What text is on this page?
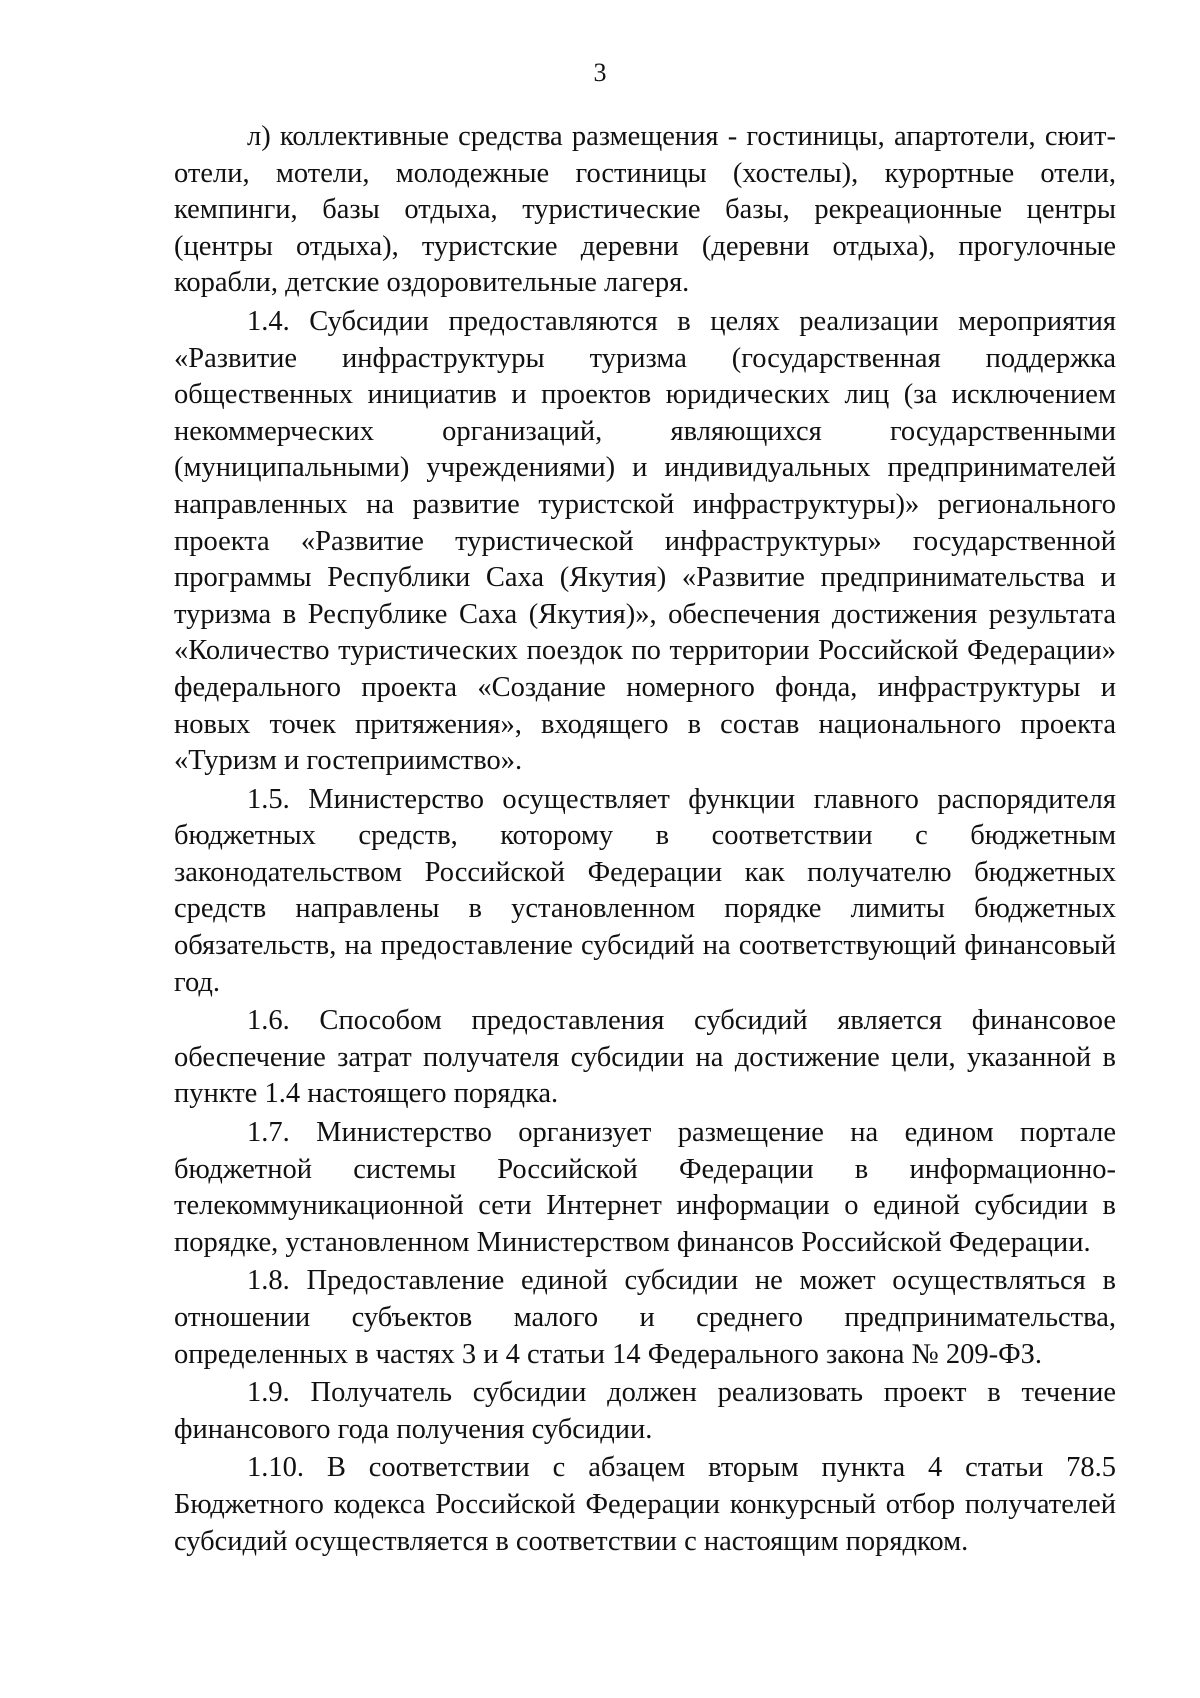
3

л) коллективные средства размещения - гостиницы, апартотели, сюит-отели, мотели, молодежные гостиницы (хостелы), курортные отели, кемпинги, базы отдыха, туристические базы, рекреационные центры (центры отдыха), туристские деревни (деревни отдыха), прогулочные корабли, детские оздоровительные лагеря.

1.4. Субсидии предоставляются в целях реализации мероприятия «Развитие инфраструктуры туризма (государственная поддержка общественных инициатив и проектов юридических лиц (за исключением некоммерческих организаций, являющихся государственными (муниципальными) учреждениями) и индивидуальных предпринимателей направленных на развитие туристской инфраструктуры)» регионального проекта «Развитие туристической инфраструктуры» государственной программы Республики Саха (Якутия) «Развитие предпринимательства и туризма в Республике Саха (Якутия)», обеспечения достижения результата «Количество туристических поездок по территории Российской Федерации» федерального проекта «Создание номерного фонда, инфраструктуры и новых точек притяжения», входящего в состав национального проекта «Туризм и гостеприимство».

1.5. Министерство осуществляет функции главного распорядителя бюджетных средств, которому в соответствии с бюджетным законодательством Российской Федерации как получателю бюджетных средств направлены в установленном порядке лимиты бюджетных обязательств, на предоставление субсидий на соответствующий финансовый год.

1.6. Способом предоставления субсидий является финансовое обеспечение затрат получателя субсидии на достижение цели, указанной в пункте 1.4 настоящего порядка.

1.7. Министерство организует размещение на едином портале бюджетной системы Российской Федерации в информационно-телекоммуникационной сети Интернет информации о единой субсидии в порядке, установленном Министерством финансов Российской Федерации.

1.8. Предоставление единой субсидии не может осуществляться в отношении субъектов малого и среднего предпринимательства, определенных в частях 3 и 4 статьи 14 Федерального закона № 209-ФЗ.

1.9. Получатель субсидии должен реализовать проект в течение финансового года получения субсидии.

1.10. В соответствии с абзацем вторым пункта 4 статьи 78.5 Бюджетного кодекса Российской Федерации конкурсный отбор получателей субсидий осуществляется в соответствии с настоящим порядком.
